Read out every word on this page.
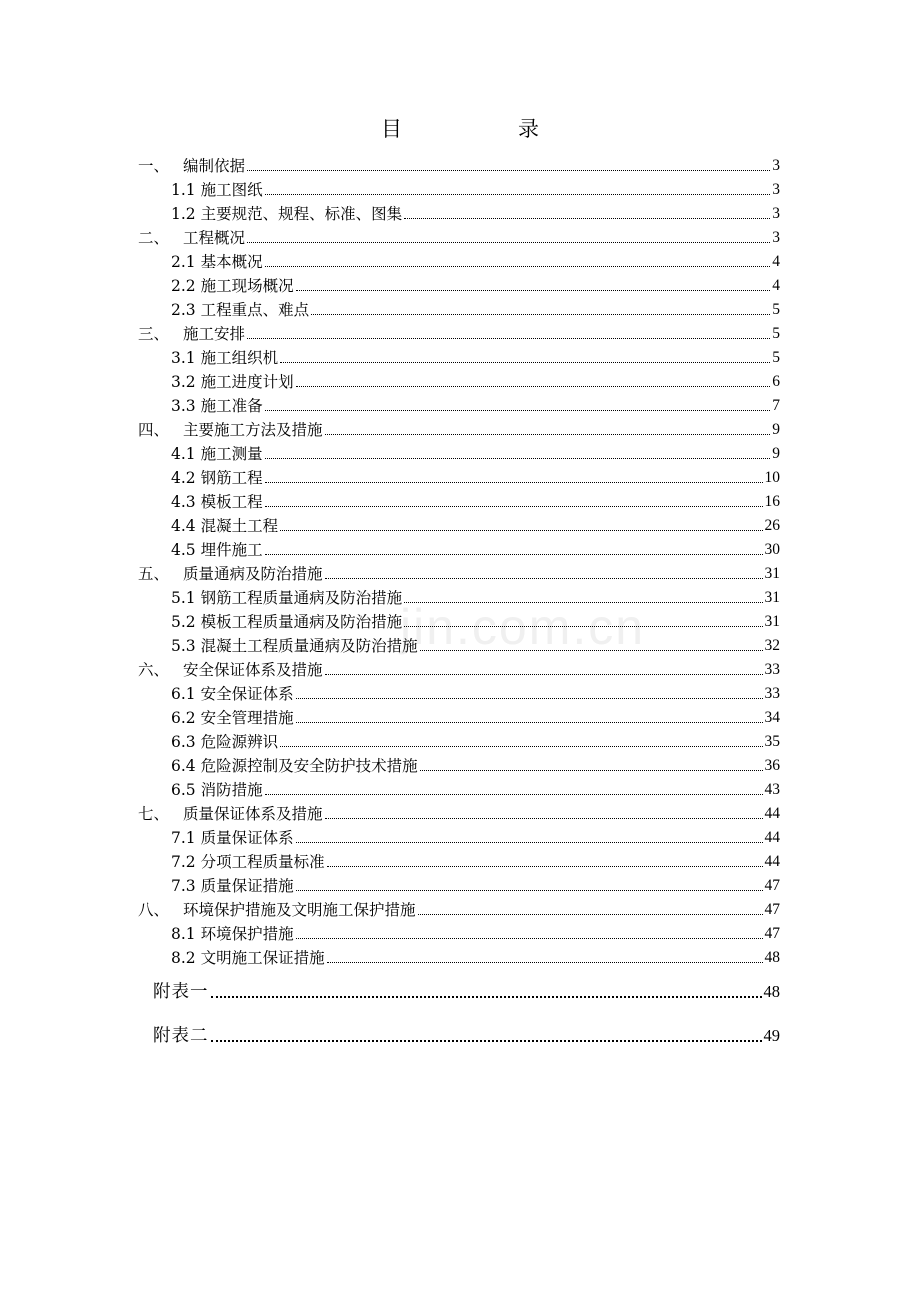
目	录
jin.com.cn
一、 编制依据	3
1.1 施工图纸	3
1.2 主要规范、规程、标准、图集	3
二、 工程概况	3
2.1 基本概况	4
2.2 施工现场概况	4
2.3 工程重点、难点	5
三、 施工安排	5
3.1 施工组织机	5
3.2 施工进度计划	6
3.3 施工准备	7
四、 主要施工方法及措施	9
4.1 施工测量	9
4.2 钢筋工程	10
4.3 模板工程	16
4.4 混凝土工程	26
4.5 埋件施工	30
五、 质量通病及防治措施	31
5.1 钢筋工程质量通病及防治措施	31
5.2 模板工程质量通病及防治措施	31
5.3 混凝土工程质量通病及防治措施	32
六、 安全保证体系及措施	33
6.1 安全保证体系	33
6.2 安全管理措施	34
6.3 危险源辨识	35
6.4 危险源控制及安全防护技术措施	36
6.5 消防措施	43
七、 质量保证体系及措施	44
7.1 质量保证体系	44
7.2 分项工程质量标准	44
7.3 质量保证措施	47
八、 环境保护措施及文明施工保护措施	47
8.1 环境保护措施	47
8.2 文明施工保证措施	48
附表一	48
附表二	49
